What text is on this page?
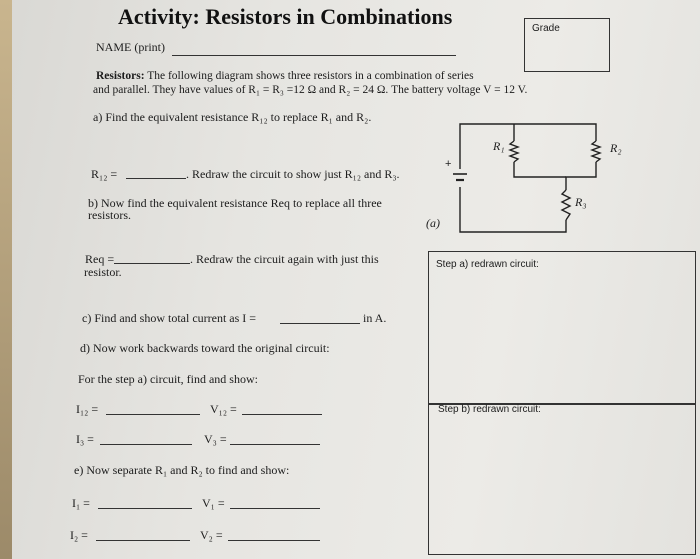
Activity: Resistors in Combinations	Grade
NAME (print)
Resistors: The following diagram shows three resistors in a combination of series
and parallel. They have values of R₁ = R₃ =12 Ω and R₂ = 24 Ω. The battery voltage V = 12 V.
a) Find the equivalent resistance R₁₂ to replace R₁ and R₂.
R₁₂ =	. Redraw the circuit to show just R₁₂ and R₃.
b) Now find the equivalent resistance Req to replace all three
resistors.
Req =	. Redraw the circuit again with just this
resistor.
c) Find and show total current as I =	in A.
d) Now work backwards toward the original circuit:
For the step a) circuit, find and show:
I₁₂ =	V₁₂ =
I₃ =	V₃ =
e) Now separate R₁ and R₂ to find and show:
I₁ =	V₁ =
I₂ =	V₂ =
R₁	R₂
R₃
+
(a)
Step a) redrawn circuit:
Step b) redrawn circuit:
